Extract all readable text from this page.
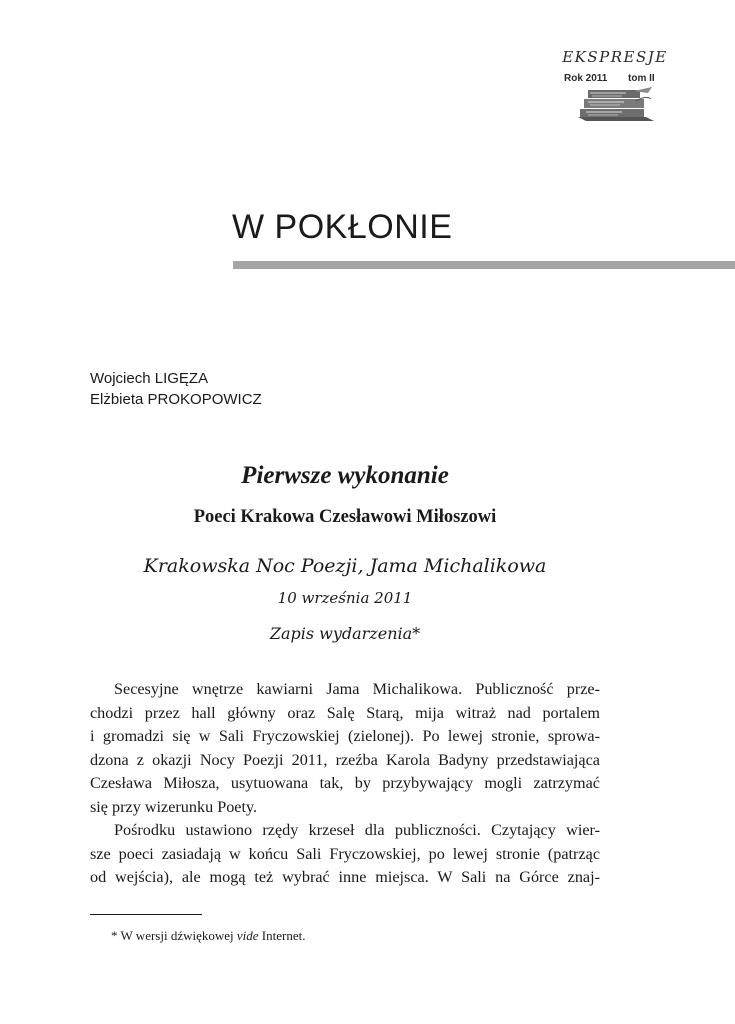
EKSPRESJE
Rok 2011 tom II
W POKŁONIE
Wojciech LIGĘZA
Elżbieta PROKOPOWICZ
Pierwsze wykonanie
Poeci Krakowa Czesławowi Miłoszowi
Krakowska Noc Poezji, Jama Michalikowa
10 września 2011
Zapis wydarzenia*
Secesyjne wnętrze kawiarni Jama Michalikowa. Publiczność prze-
chodzi przez hall główny oraz Salę Starą, mija witraż nad portalem
i gromadzi się w Sali Fryczowskiej (zielonej). Po lewej stronie, sprowa-
dzona z okazji Nocy Poezji 2011, rzeźba Karola Badyny przedstawiająca
Czesława Miłosza, usytuowana tak, by przybywający mogli zatrzymać
się przy wizerunku Poety.
Pośrodku ustawiono rzędy krzeseł dla publiczności. Czytający wier-
sze poeci zasiadają w końcu Sali Fryczowskiej, po lewej stronie (patrząc
od wejścia), ale mogą też wybrać inne miejsca. W Sali na Górce znaj-
* W wersji dźwiękowej vide Internet.
